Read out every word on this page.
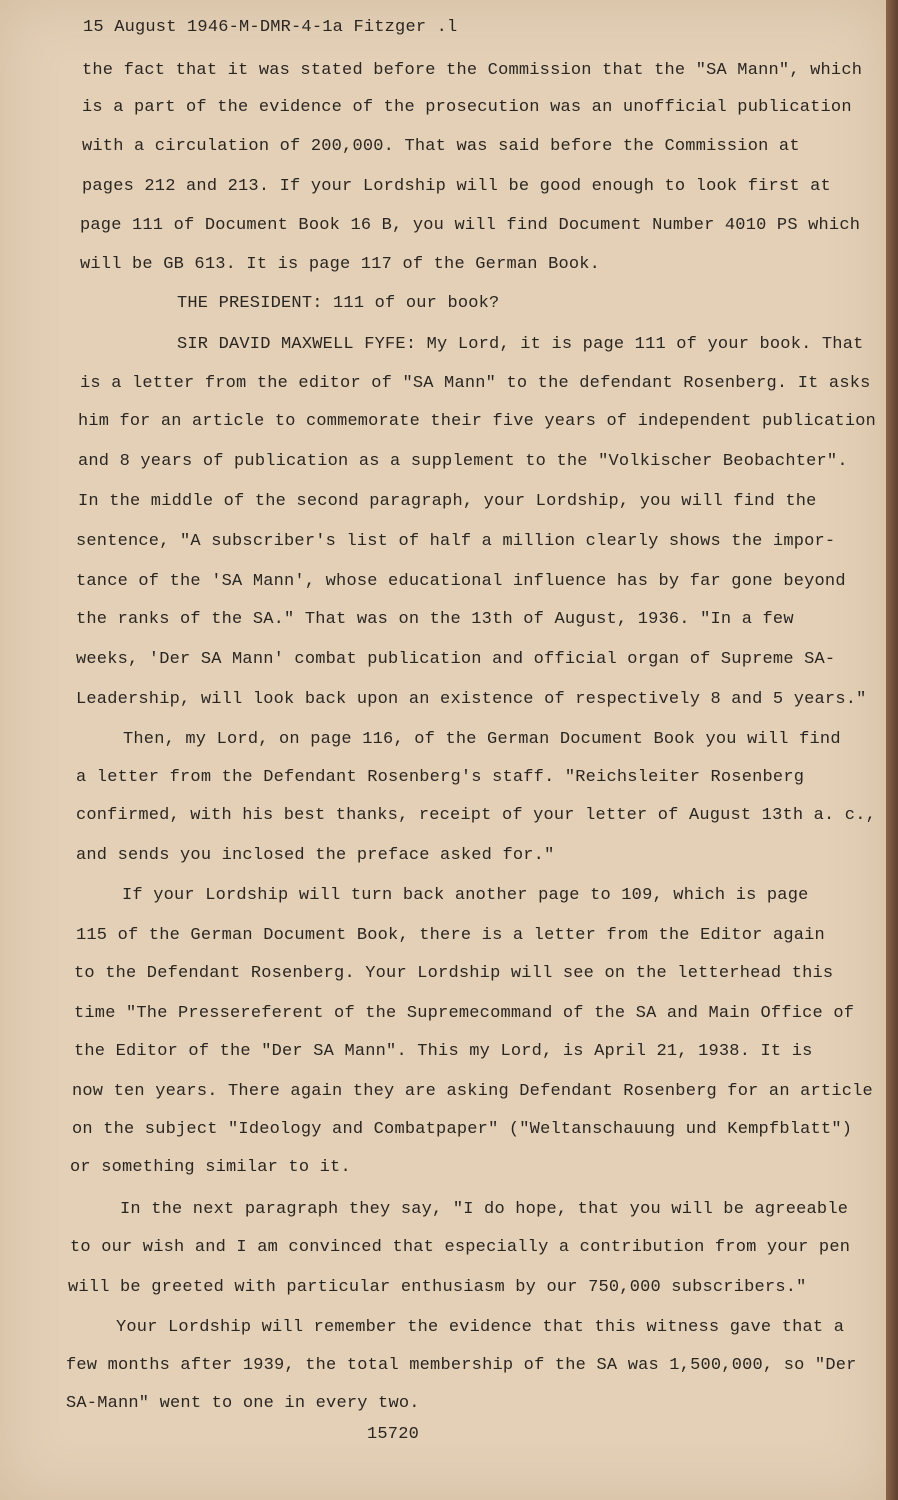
15 August 1946-M-DMR-4-1a Fitzger .l

the fact that it was stated before the Commission that the "SA Mann", which

is a part of the evidence of the prosecution was an unofficial publication

with a circulation of 200,000. That was said before the Commission at

pages 212 and 213. If your Lordship will be good enough to look first at

page 111 of Document Book 16 B, you will find Document Number 4010 PS which

will be GB 613. It is page 117 of the German Book.

THE PRESIDENT: 111 of our book?

SIR DAVID MAXWELL FYFE: My Lord, it is page 111 of your book. That

is a letter from the editor of "SA Mann" to the defendant Rosenberg. It asks

him for an article to commemorate their five years of independent publication

and 8 years of publication as a supplement to the "Volkischer Beobachter".

In the middle of the second paragraph, your Lordship, you will find the

sentence, "A subscriber's list of half a million clearly shows the impor-

tance of the 'SA Mann', whose educational influence has by far gone beyond

the ranks of the SA." That was on the 13th of August, 1936. "In a few

weeks, 'Der SA Mann' combat publication and official organ of Supreme SA-

Leadership, will look back upon an existence of respectively 8 and 5 years."

Then, my Lord, on page 116, of the German Document Book you will find

a letter from the Defendant Rosenberg's staff. "Reichsleiter Rosenberg

confirmed, with his best thanks, receipt of your letter of August 13th a. c.,

and sends you inclosed the preface asked for."

If your Lordship will turn back another page to 109, which is page

115 of the German Document Book, there is a letter from the Editor again

to the Defendant Rosenberg. Your Lordship will see on the letterhead this

time "The Pressereferent of the Supremecommand of the SA and Main Office of

the Editor of the "Der SA Mann". This my Lord, is April 21, 1938. It is

now ten years. There again they are asking Defendant Rosenberg for an article

on the subject "Ideology and Combatpaper" ("Weltanschauung und Kempfblatt")

or something similar to it.

In the next paragraph they say, "I do hope, that you will be agreeable

to our wish and I am convinced that especially a contribution from your pen

will be greeted with particular enthusiasm by our 750,000 subscribers."

Your Lordship will remember the evidence that this witness gave that a

few months after 1939, the total membership of the SA was 1,500,000, so "Der

SA-Mann" went to one in every two.

15720
